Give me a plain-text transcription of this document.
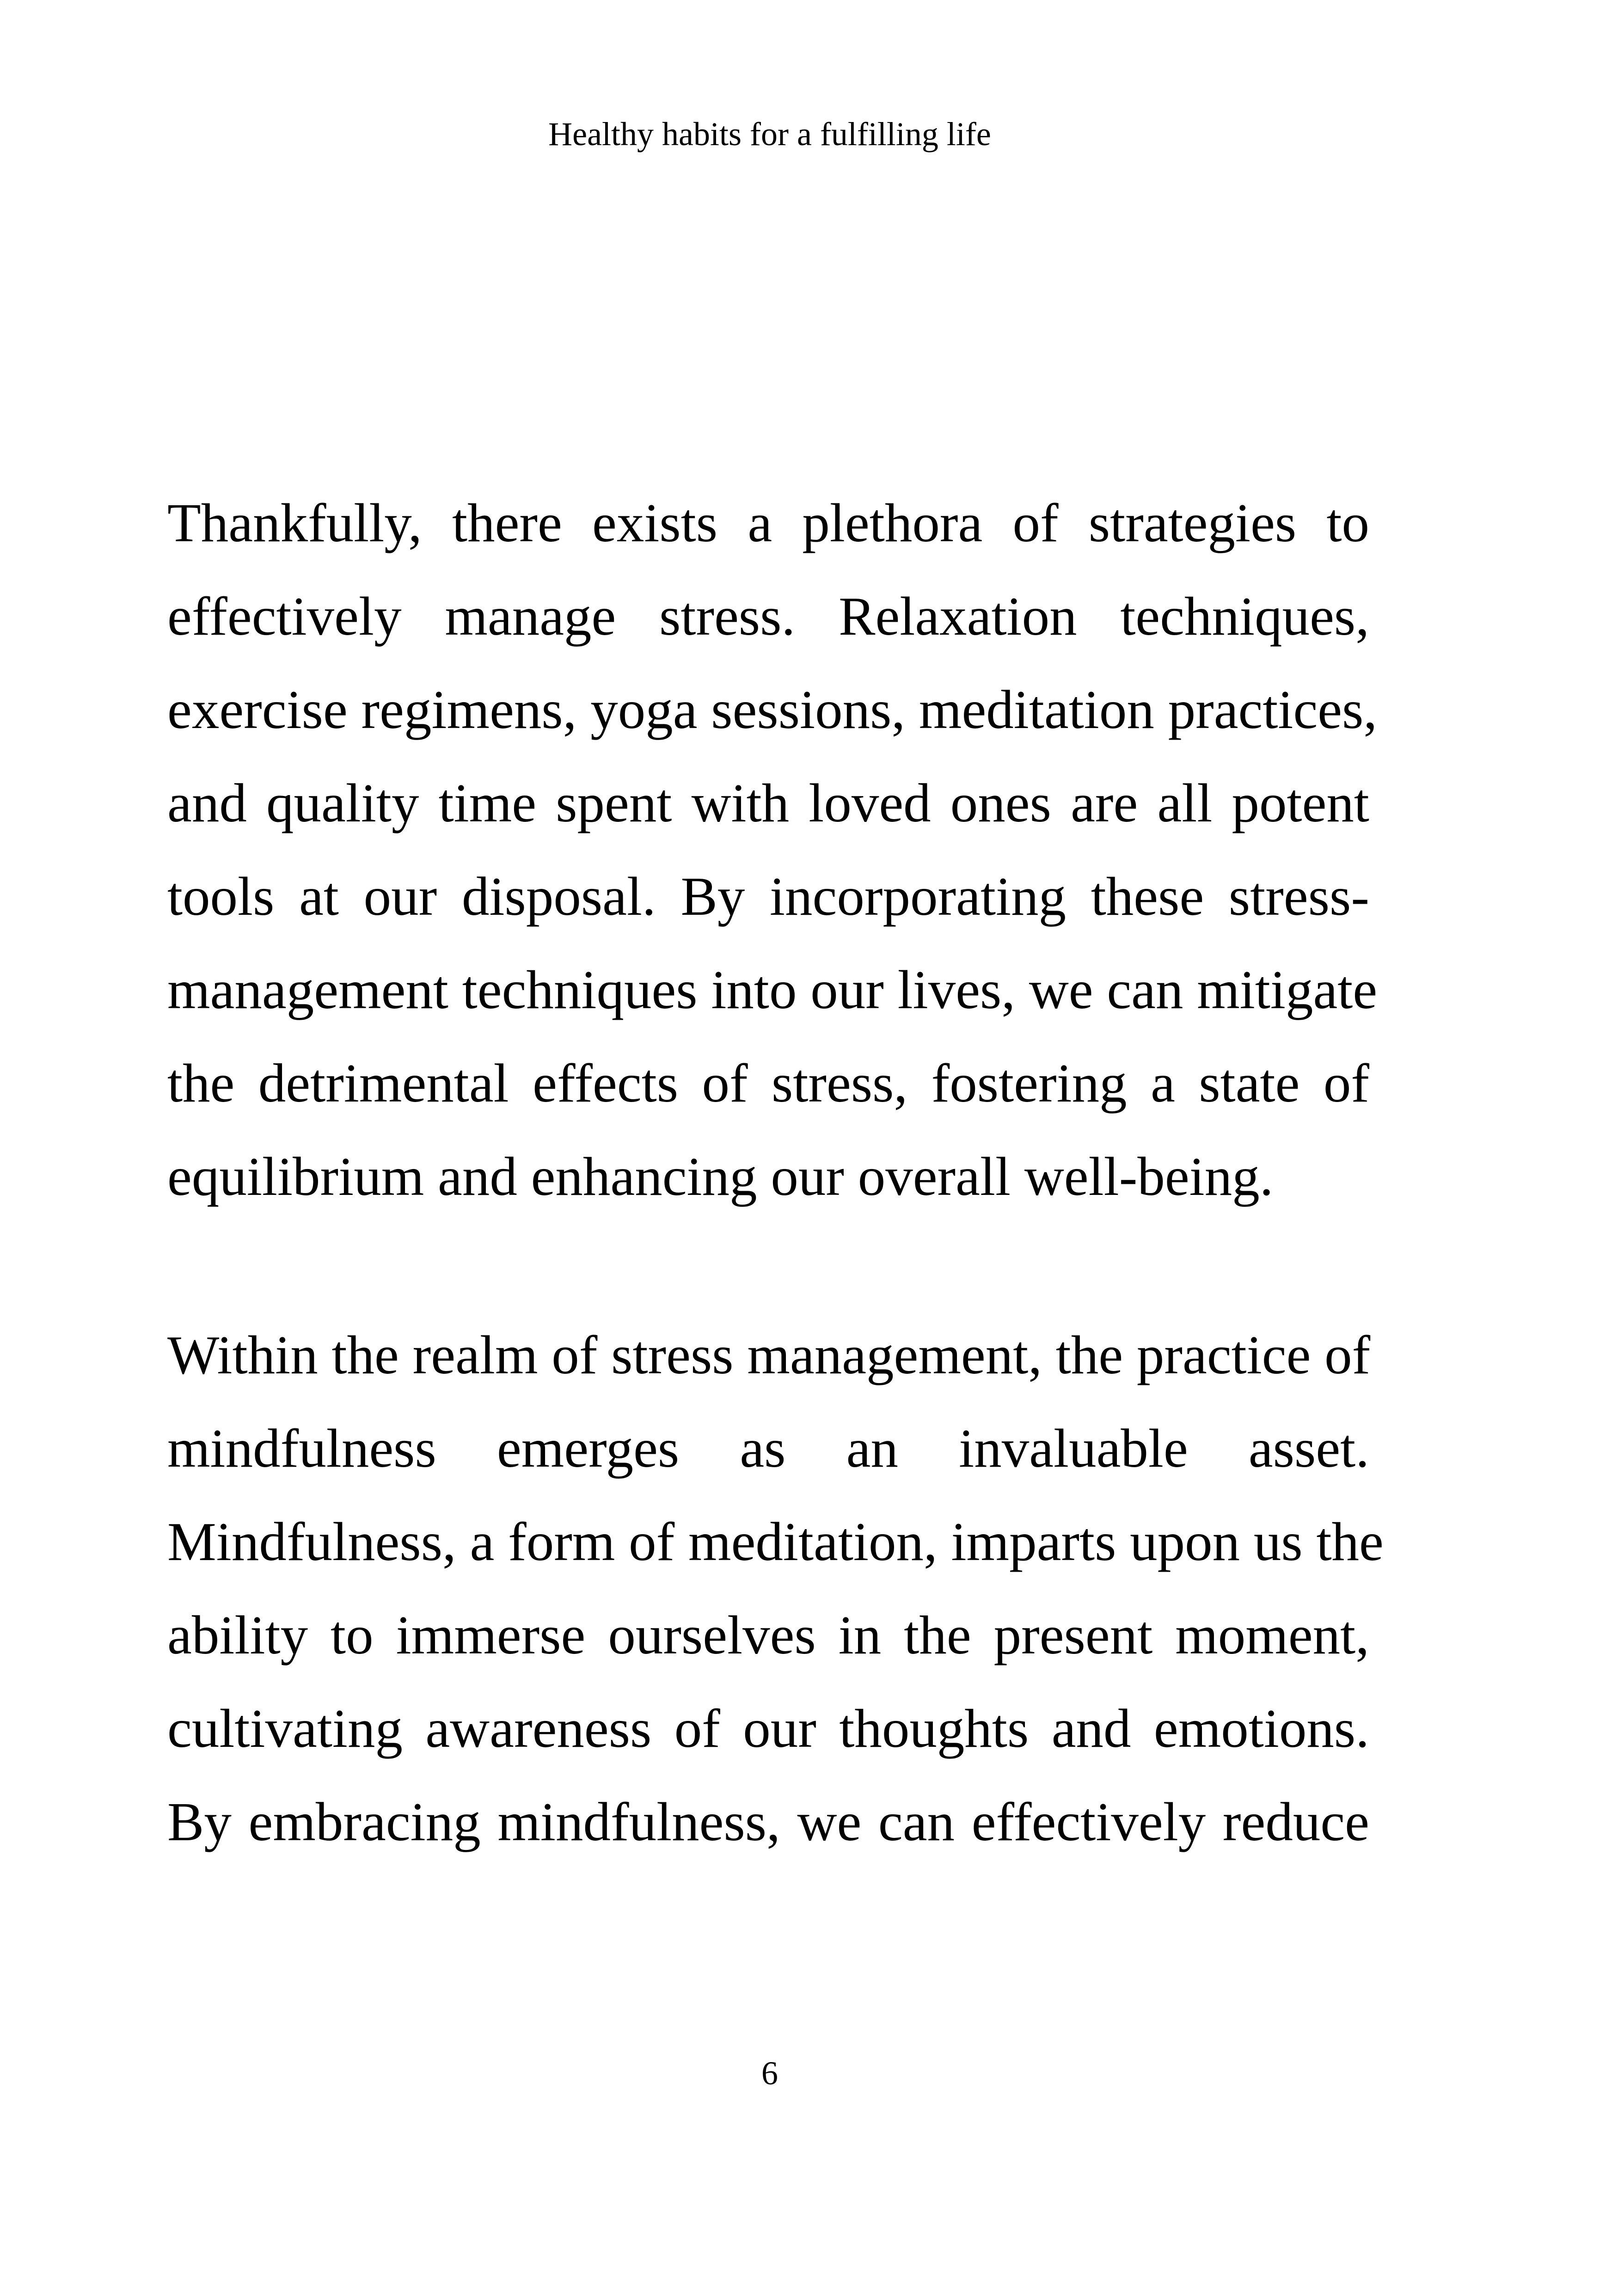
Healthy habits for a fulfilling life
Thankfully, there exists a plethora of strategies to
effectively manage stress. Relaxation techniques,
exercise regimens, yoga sessions, meditation practices,
and quality time spent with loved ones are all potent
tools at our disposal. By incorporating these stress-
management techniques into our lives, we can mitigate
the detrimental effects of stress, fostering a state of
equilibrium and enhancing our overall well-being.
Within the realm of stress management, the practice of
mindfulness emerges as an invaluable asset.
Mindfulness, a form of meditation, imparts upon us the
ability to immerse ourselves in the present moment,
cultivating awareness of our thoughts and emotions.
By embracing mindfulness, we can effectively reduce
6
